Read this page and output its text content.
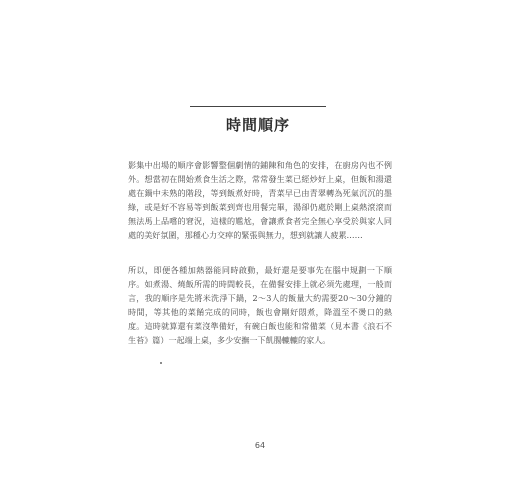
時間順序

影集中出場的順序會影響整個劇情的鋪陳和角色的安排，在廚房內也不例外。想當初在開始煮食生活之際，常常發生菜已經炒好上桌，但飯和湯還處在鍋中未熟的階段，等到飯煮好時，青菜早已由青翠轉為死氣沉沉的墨綠，或是好不容易等到飯菜到齊也用餐完畢，湯卻仍處於剛上桌熱滾滾而無法馬上品嚐的窘況，這樣的尷尬，會讓煮食者完全無心享受於與家人同處的美好氛圍，那種心力交瘁的緊張與無力，想到就讓人疲累……

所以，即便各種加熱器能同時啟動，最好還是要事先在腦中規劃一下順序。如煮湯、燒飯所需的時間較長，在備餐安排上就必須先處理，一般而言，我的順序是先將米洗淨下鍋，2～3人的飯量大約需要20～30分鐘的時間，等其他的菜餚完成的同時，飯也會剛好悶煮，降溫至不燙口的熱度。這時就算還有菜沒準備好，有碗白飯也能和常備菜（見本書《浪石不生苔》篇）一起端上桌，多少安撫一下飢腸轆轆的家人。

64
